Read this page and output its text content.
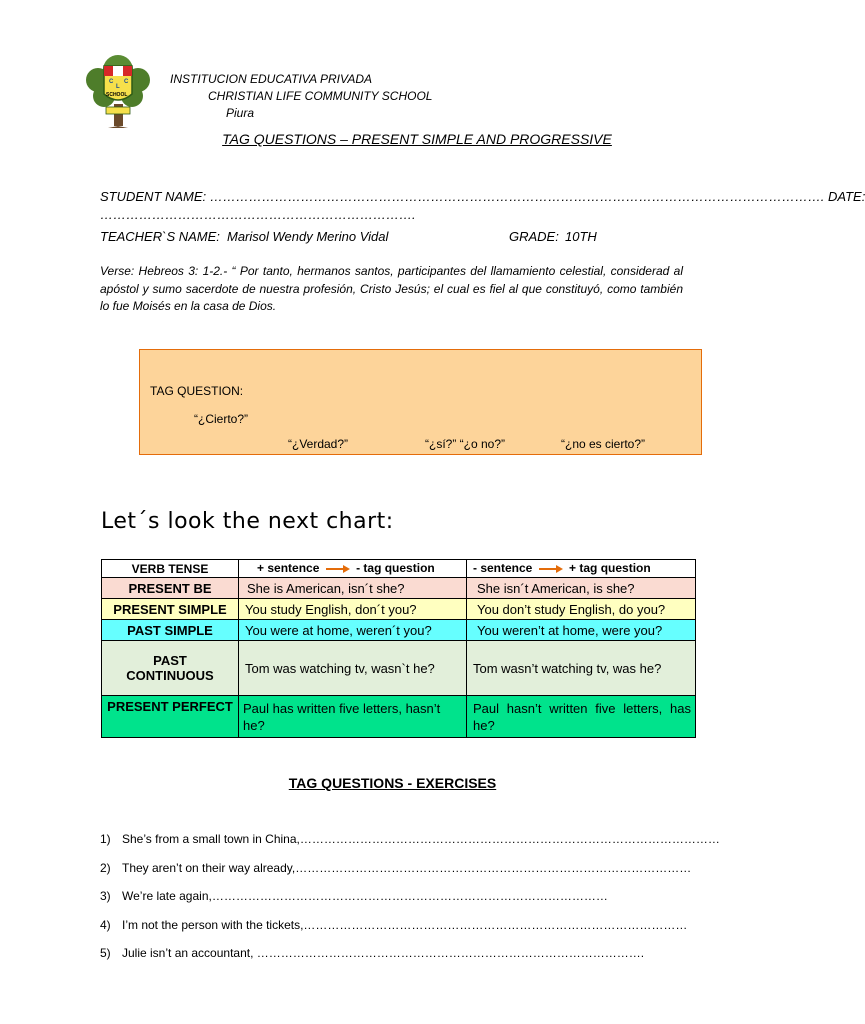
C
L
C
SCHOOL
INSTITUCION EDUCATIVA PRIVADA
CHRISTIAN LIFE COMMUNITY SCHOOL
Piura
TAG QUESTIONS – PRESENT SIMPLE AND PROGRESSIVE
STUDENT NAME: ……………………………………………………………………………………………………………………………. DATE:
……………………………………………………………….
TEACHER`S NAME: Marisol Wendy Merino Vidal	GRADE: 10TH
Verse: Hebreos 3: 1-2.- “ Por tanto, hermanos santos, participantes del llamamiento celestial, considerad al apóstol y sumo sacerdote de nuestra profesión, Cristo Jesús; el cual es fiel al que constituyó, como también lo fue Moisés en la casa de Dios.
TAG QUESTION:
“¿Cierto?”
“¿Verdad?”	“¿sí?” “¿o no?”	“¿no es cierto?”
Let´s look the next chart:
VERB TENSE	+ sentence - tag question	- sentence + tag question
PRESENT BE	She is American, isn´t she?	She isn´t American, is she?
PRESENT SIMPLE	You study English, don´t you?	You don’t study English, do you?
PAST SIMPLE	You were at home, weren´t you?	You weren’t at home, were you?
PAST CONTINUOUS	Tom was watching tv, wasn`t he?	Tom wasn’t watching tv, was he?
PRESENT PERFECT	Paul has written five letters, hasn’t he?	Paul hasn’t written five letters, has he?
TAG QUESTIONS - EXERCISES
1) She’s from a small town in China,……………………………………………………………………………………………
2) They aren’t on their way already,………………………………………………………………………………………
3) We’re late again,………………………………………………………………………………………
4) I’m not the person with the tickets,……………………………………………………………………………………
5) Julie isn’t an accountant, …………………………………………………………………………………….
